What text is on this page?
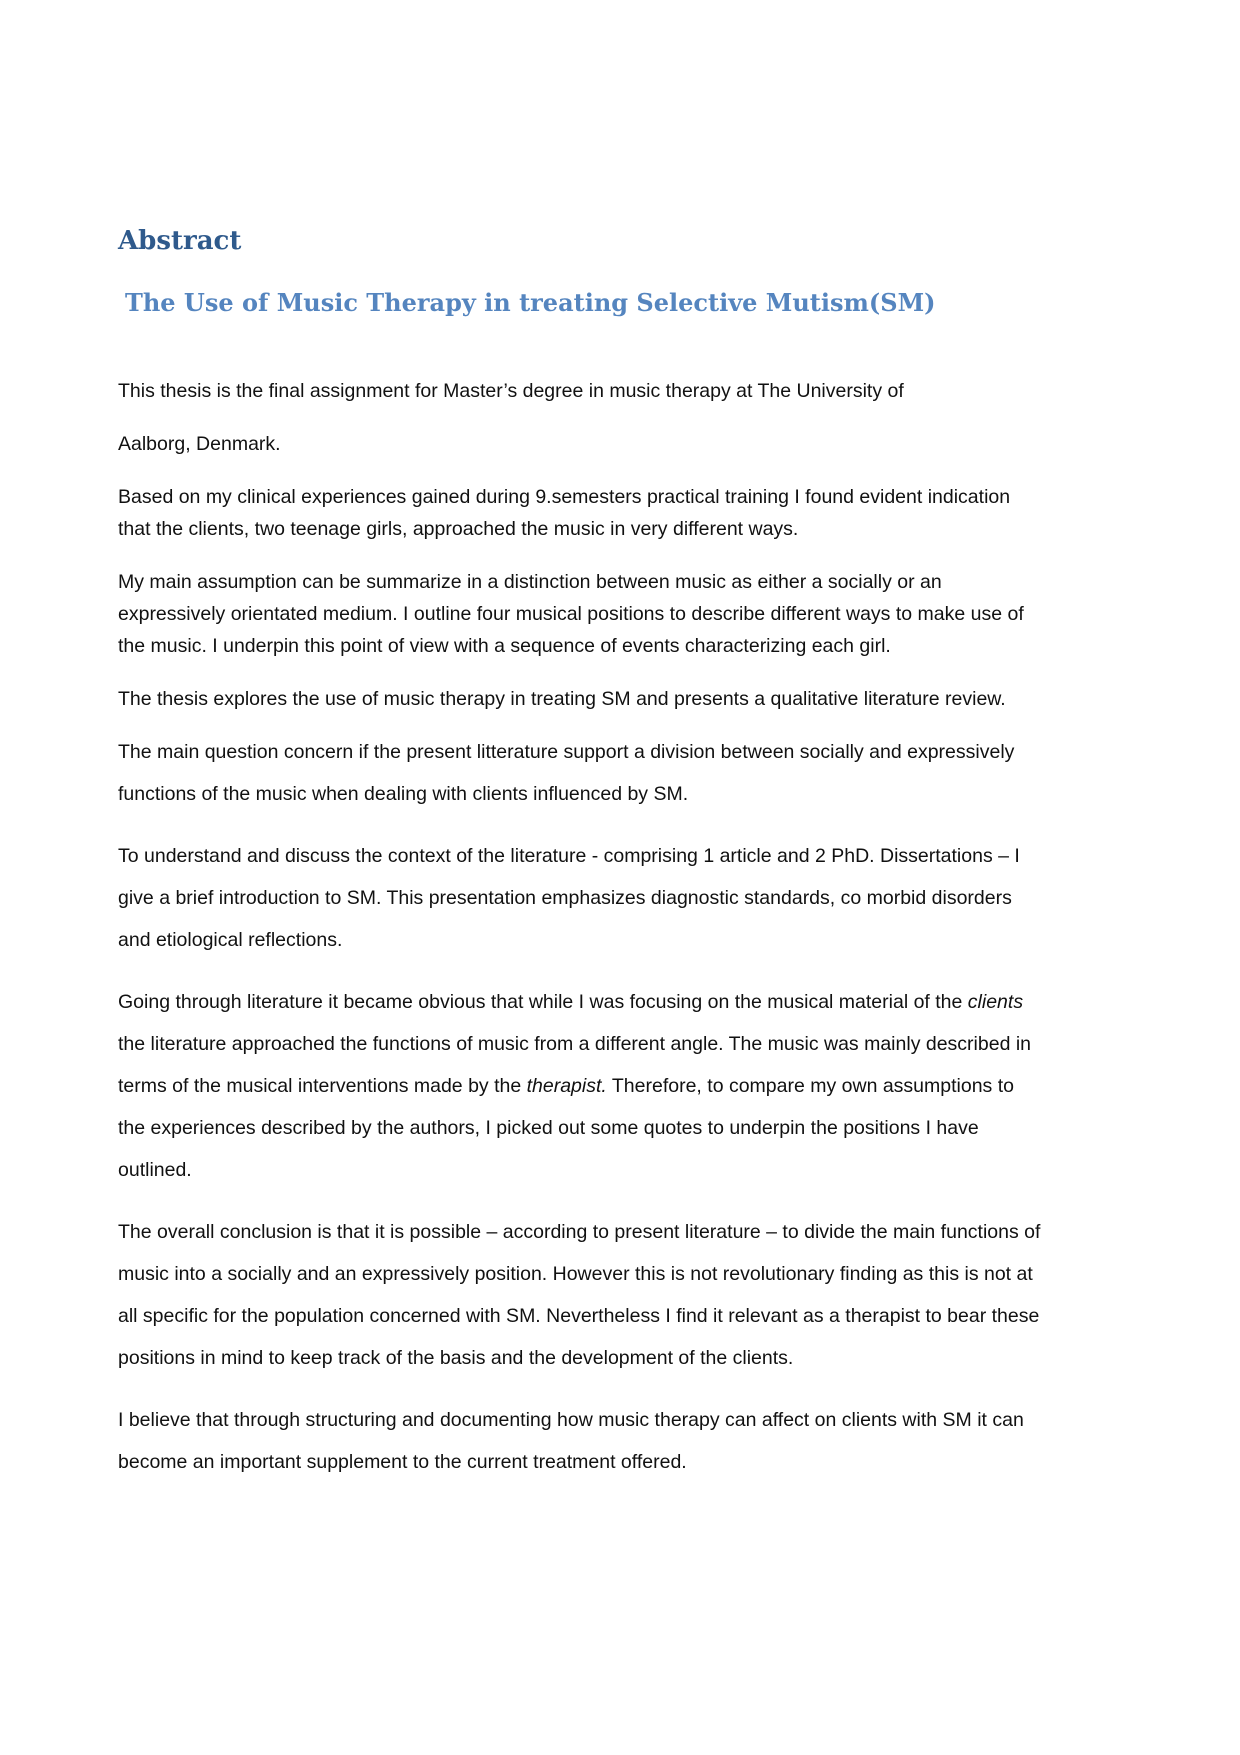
Abstract
The Use of Music Therapy in treating Selective Mutism(SM)
This thesis is the final assignment for Master’s degree in music therapy at The University of
Aalborg, Denmark.
Based on my clinical experiences gained during 9.semesters practical training I found evident indication
that the clients, two teenage girls, approached the music in very different ways.
My main assumption can be summarize in a distinction between music as either a socially or an
expressively orientated medium. I outline four musical positions to describe different ways to make use of
the music. I underpin this point of view with a sequence of events characterizing each girl.
The thesis explores the use of music therapy in treating SM and presents a qualitative literature review.
The main question concern if the present litterature support a division between socially and expressively
functions of the music when dealing with clients influenced by SM.
To understand and discuss the context of the literature - comprising 1 article and 2 PhD. Dissertations – I
give a brief introduction to SM. This presentation emphasizes diagnostic standards, co morbid disorders
and etiological reflections.
Going through literature it became obvious that while I was focusing on the musical material of the clients
the literature approached the functions of music from a different angle. The music was mainly described in
terms of the musical interventions made by the therapist. Therefore, to compare my own assumptions to
the experiences described by the authors, I picked out some quotes to underpin the positions I have
outlined.
The overall conclusion is that it is possible – according to present literature – to divide the main functions of
music into a socially and an expressively position. However this is not revolutionary finding as this is not at
all specific for the population concerned with SM. Nevertheless I find it relevant as a therapist to bear these
positions in mind to keep track of the basis and the development of the clients.
I believe that through structuring and documenting how music therapy can affect on clients with SM it can
become an important supplement to the current treatment offered.
